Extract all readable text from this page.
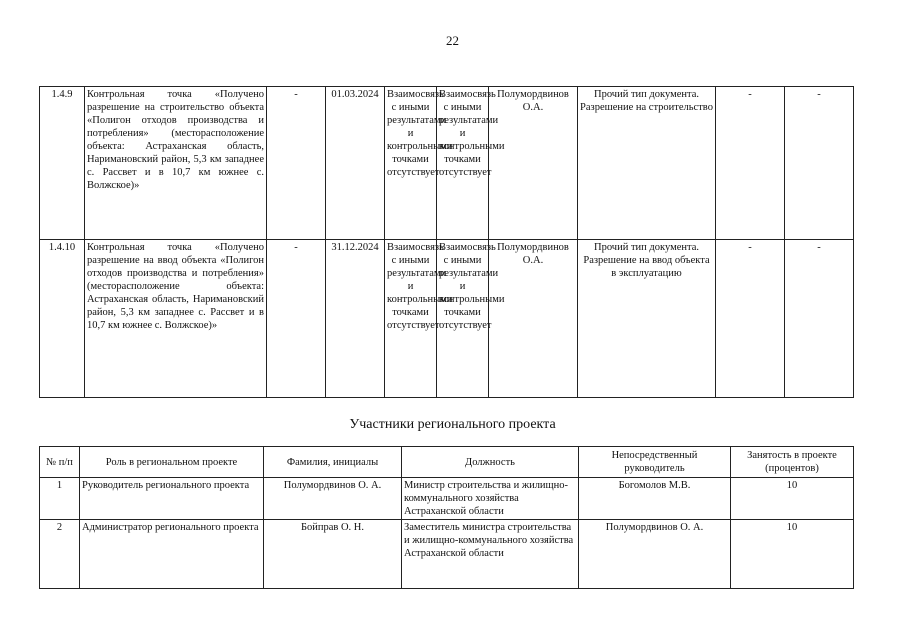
22
1.4.9	Контрольная точка «Получено разрешение на строительство объекта «Полигон отходов производства и потребления» (месторасположение объекта: Астраханская область, Наримановский район, 5,3 км западнее с. Рассвет и в 10,7 км южнее с. Волжское)»	-	01.03.2024	Взаимосвязь с иными результатами и контрольными точками отсутствует	Взаимосвязь с иными результатами и контрольными точками отсутствует	Полумордвинов О.А.	Прочий тип документа. Разрешение на строительство	-	-
1.4.10	Контрольная точка «Получено разрешение на ввод объекта «Полигон отходов производства и потребления» (месторасположение объекта: Астраханская область, Наримановский район, 5,3 км западнее с. Рассвет и в 10,7 км южнее с. Волжское)»	-	31.12.2024	Взаимосвязь с иными результатами и контрольными точками отсутствует	Взаимосвязь с иными результатами и контрольными точками отсутствует	Полумордвинов О.А.	Прочий тип документа. Разрешение на ввод объекта в эксплуатацию	-	-
Участники регионального проекта
№ п/п	Роль в региональном проекте	Фамилия, инициалы	Должность	Непосредственный руководитель	Занятость в проекте (процентов)
1	Руководитель регионального проекта	Полумордвинов О. А.	Министр строительства и жилищно-коммунального хозяйства Астраханской области	Богомолов М.В.	10
2	Администратор регионального проекта	Бойправ О. Н.	Заместитель министра строительства и жилищно-коммунального хозяйства Астраханской области	Полумордвинов О. А.	10
